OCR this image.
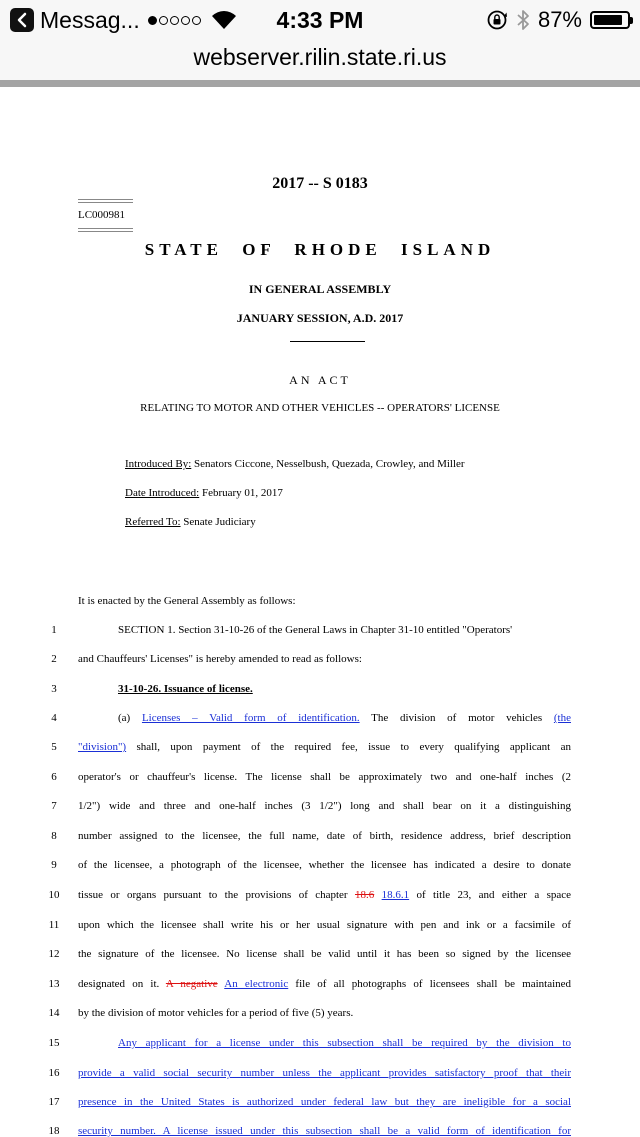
Messag...	4:33 PM	87%
webserver.rilin.state.ri.us
2017 -- S 0183
LC000981
STATE OF RHODE ISLAND
IN GENERAL ASSEMBLY
JANUARY SESSION, A.D. 2017
AN ACT
RELATING TO MOTOR AND OTHER VEHICLES -- OPERATORS' LICENSE
Introduced By: Senators Ciccone, Nesselbush, Quezada, Crowley, and Miller
Date Introduced: February 01, 2017
Referred To: Senate Judiciary
It is enacted by the General Assembly as follows:
1	SECTION 1. Section 31-10-26 of the General Laws in Chapter 31-10 entitled "Operators'
2	and Chauffeurs' Licenses" is hereby amended to read as follows:
3	31-10-26. Issuance of license.
4	(a) Licenses – Valid form of identification. The division of motor vehicles (the
5	"division") shall, upon payment of the required fee, issue to every qualifying applicant an
6	operator's or chauffeur's license. The license shall be approximately two and one-half inches (2
7	1/2") wide and three and one-half inches (3 1/2") long and shall bear on it a distinguishing
8	number assigned to the licensee, the full name, date of birth, residence address, brief description
9	of the licensee, a photograph of the licensee, whether the licensee has indicated a desire to donate
10	tissue or organs pursuant to the provisions of chapter 18.6 18.6.1 of title 23, and either a space
11	upon which the licensee shall write his or her usual signature with pen and ink or a facsimile of
12	the signature of the licensee. No license shall be valid until it has been so signed by the licensee
13	designated on it. A negative An electronic file of all photographs of licensees shall be maintained
14	by the division of motor vehicles for a period of five (5) years.
15	Any applicant for a license under this subsection shall be required by the division to
16	provide a valid social security number unless the applicant provides satisfactory proof that their
17	presence in the United States is authorized under federal law but they are ineligible for a social
18	security number. A license issued under this subsection shall be a valid form of identification for
